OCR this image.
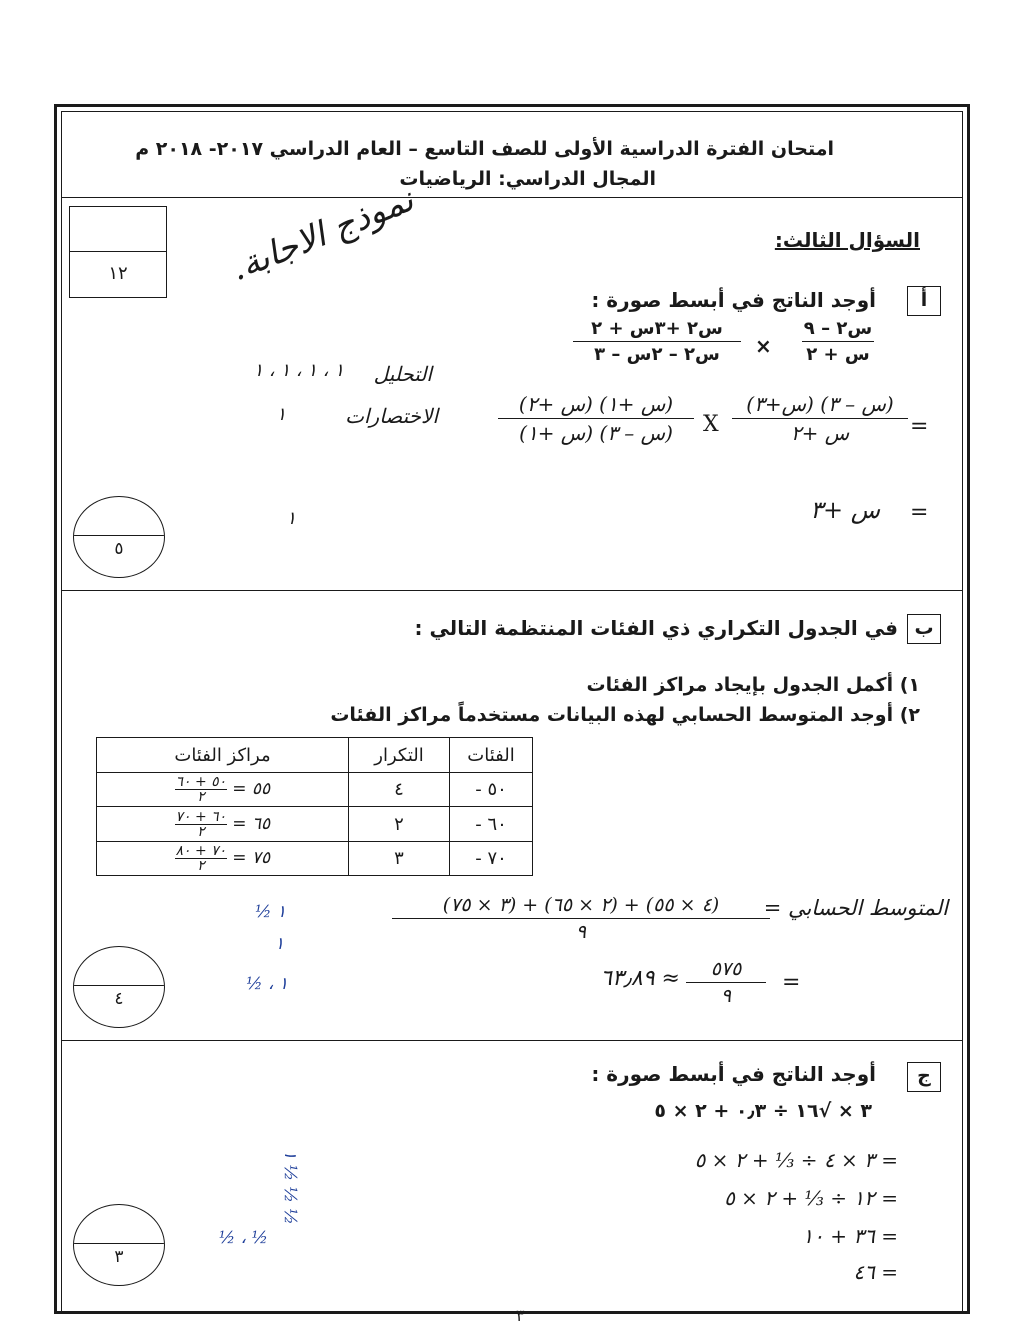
امتحان الفترة الدراسية الأولى للصف التاسع – العام الدراسي ٢٠١٧- ٢٠١٨ م
المجال الدراسي: الرياضيات
١٢	نموذج الاجابة.	السؤال الثالث:
أ
أوجد الناتج في أبسط صورة :
س٢ – ٩
س + ٢
×
س٢ +٣س + ٢
س٢ – ٢س – ٣
=
(س – ٣) (س+٣)
س +٢
X
(س +١) (س +٢)
(س – ٣) (س +١)
=
س +٣
التحليل
١ ، ١ ، ١ ، ١
الاختصارات
١
١
٥
ب
في الجدول التكراري ذي الفئات المنتظمة التالي :
١) أكمل الجدول بإيجاد مراكز الفئات
٢) أوجد المتوسط الحسابي لهذه البيانات مستخدماً مراكز الفئات
الفئات	التكرار	مراكز الفئات
٥٠ -	٤	٥٥ = ٥٠ + ٦٠
٢
٦٠ -	٢	٦٥ = ٦٠ + ٧٠
٢
٧٠ -	٣	٧٥ = ٧٠ + ٨٠
٢
المتوسط الحسابي =
(٤ × ٥٥) + (٢ × ٦٥) + (٣ × ٧٥)
٩
=
٥٧٥
٩
≈ ٦٣٫٨٩
١ ½
١
١ ، ½
٤
ج
أوجد الناتج في أبسط صورة :
٣ × √١٦ ÷ ٠٫٣ + ٢ × ٥
= ٣ × ٤ ÷ ⅓ + ٢ × ٥
= ١٢ ÷ ⅓ + ٢ × ٥
= ٣٦ + ١٠
= ٤٦
½ ½ ½ ١
½ ، ½
٣
٣
